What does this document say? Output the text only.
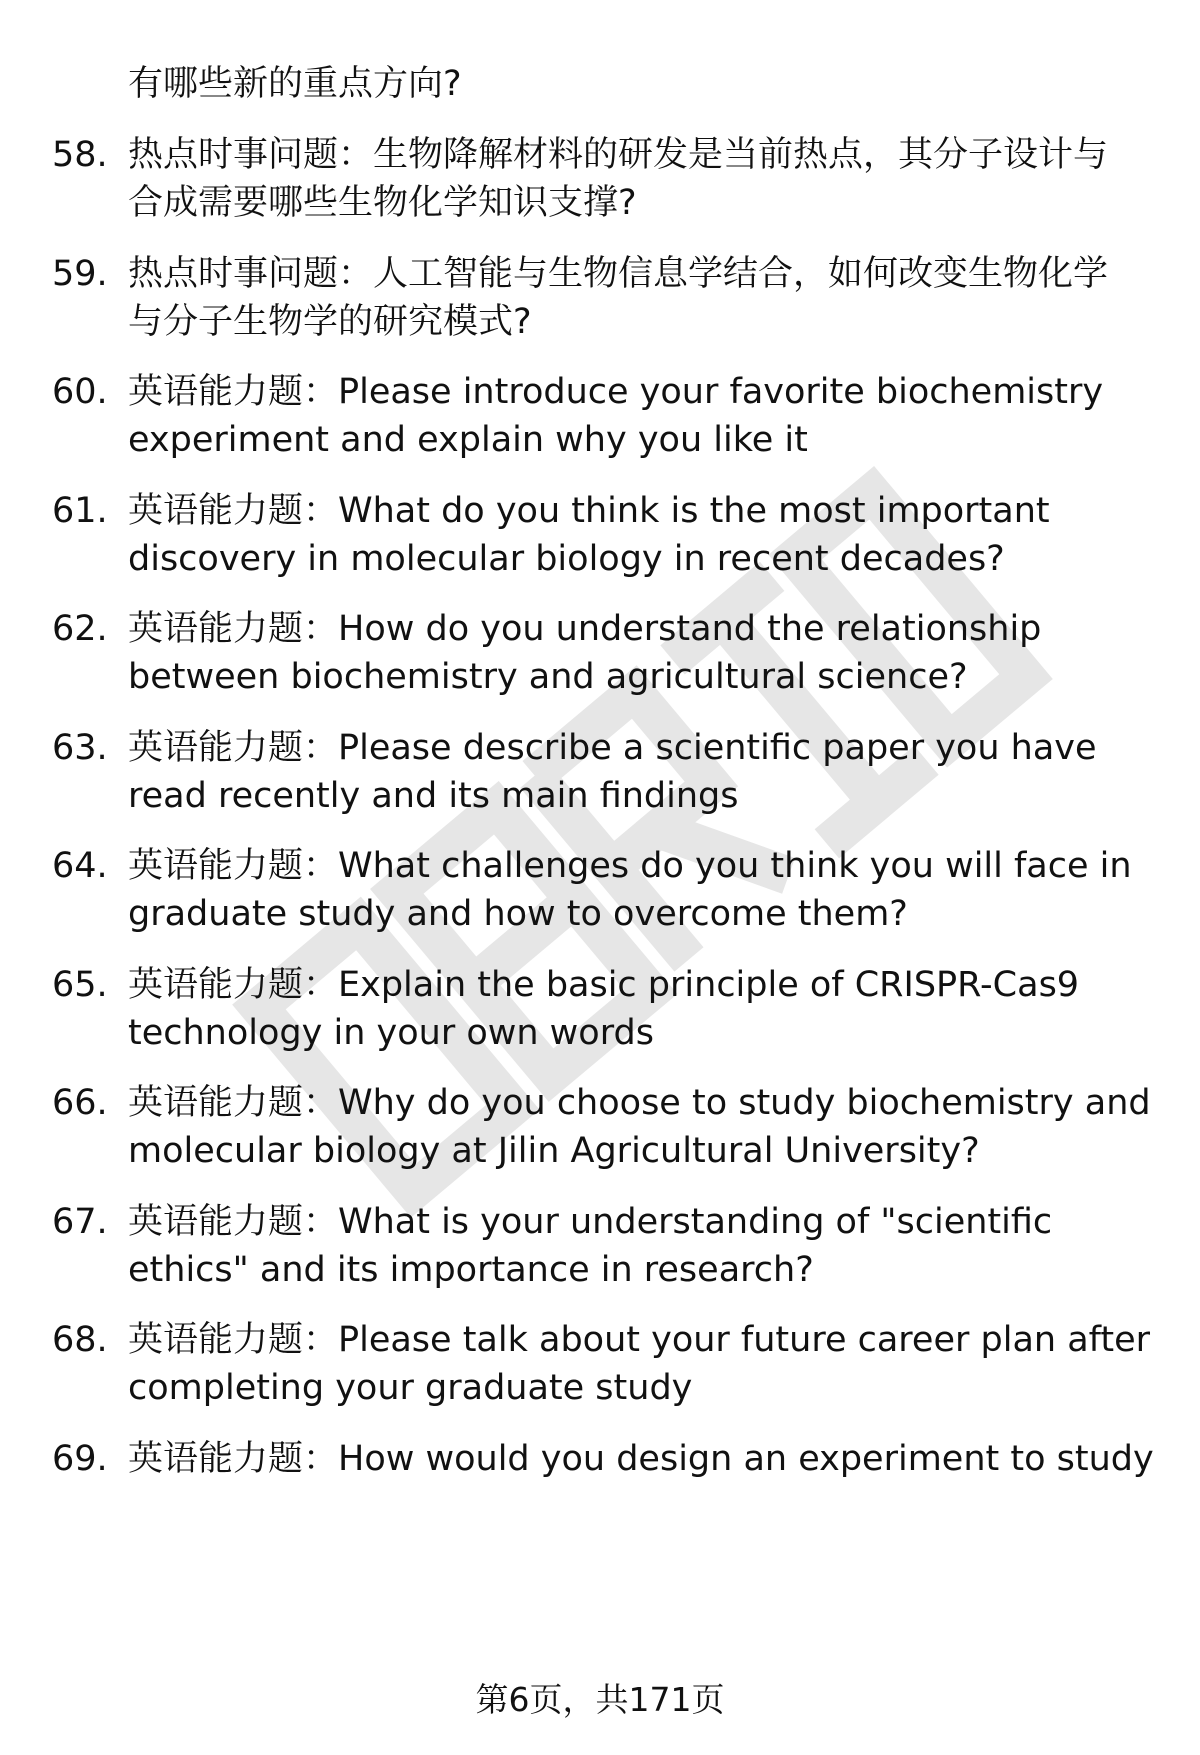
有哪些新的重点方向?
58. 热点时事问题：生物降解材料的研发是当前热点，其分子设计与
合成需要哪些生物化学知识支撑?
59. 热点时事问题：人工智能与生物信息学结合，如何改变生物化学
与分子生物学的研究模式?
60. 英语能力题：Please introduce your favorite biochemistry
experiment and explain why you like it
61. 英语能力题：What do you think is the most important
discovery in molecular biology in recent decades?
62. 英语能力题：How do you understand the relationship
between biochemistry and agricultural science?
63. 英语能力题：Please describe a scientific paper you have
read recently and its main findings
64. 英语能力题：What challenges do you think you will face in
graduate study and how to overcome them?
65. 英语能力题：Explain the basic principle of CRISPR-Cas9
technology in your own words
66. 英语能力题：Why do you choose to study biochemistry and
molecular biology at Jilin Agricultural University?
67. 英语能力题：What is your understanding of "scientific
ethics" and its importance in research?
68. 英语能力题：Please talk about your future career plan after
completing your graduate study
69. 英语能力题：How would you design an experiment to study
第6页，共171页
